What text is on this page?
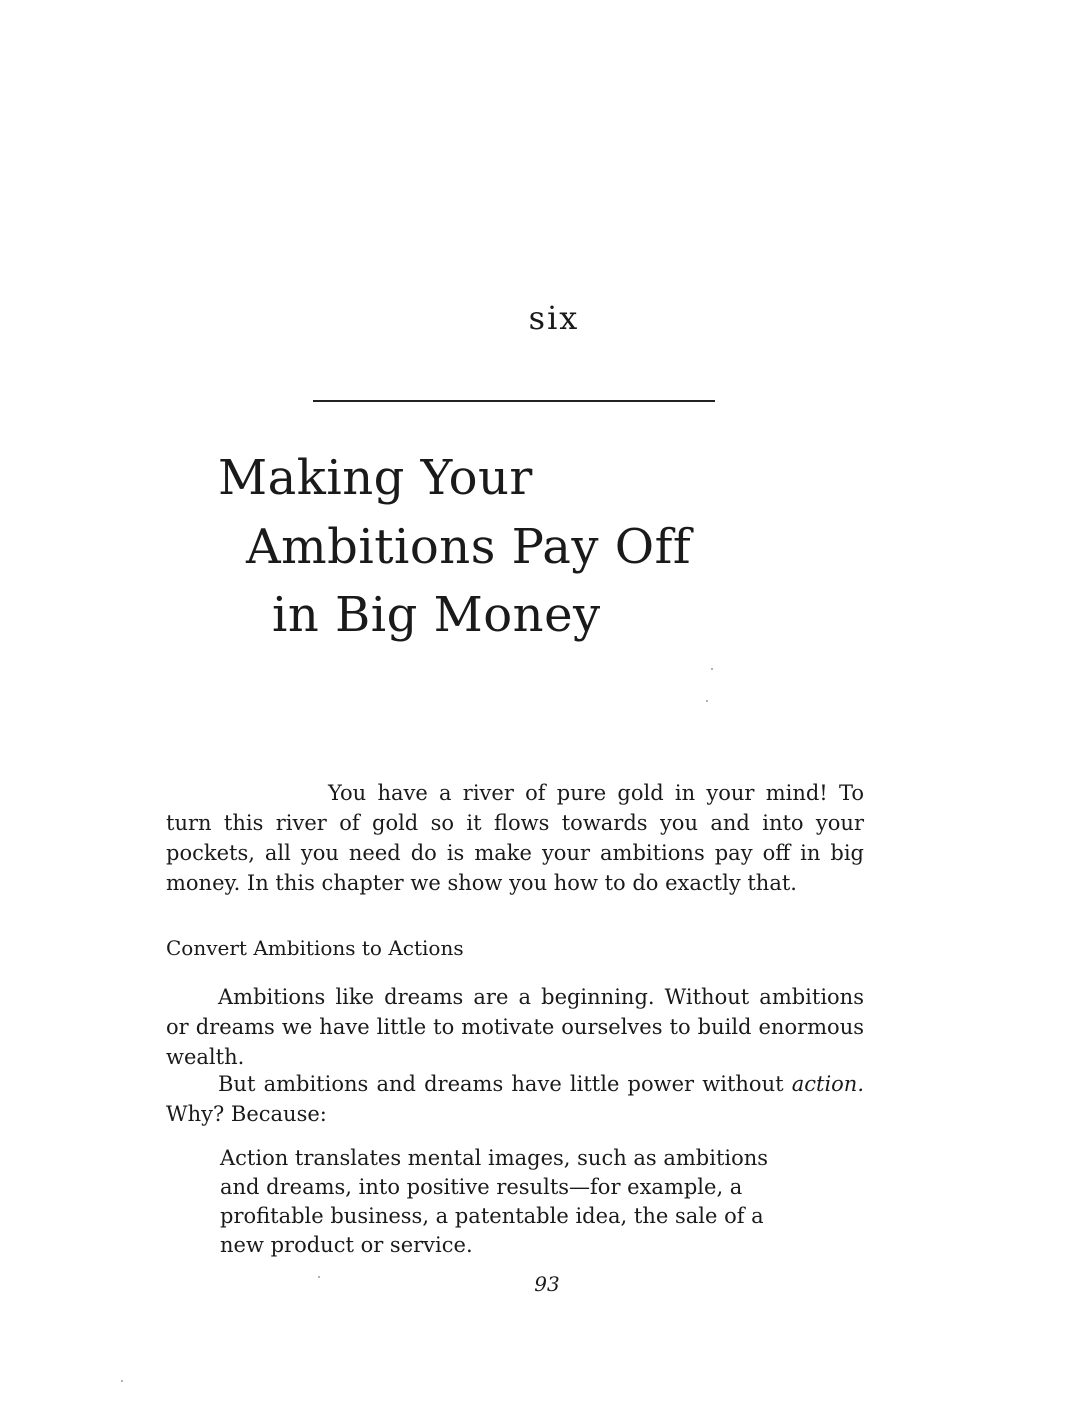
six
Making Your
Ambitions Pay Off
in Big Money

You have a river of pure gold in your mind! To turn this river of gold so it flows towards you and into your pockets, all you need do is make your ambitions pay off in big money. In this chapter we show you how to do exactly that.

Convert Ambitions to Actions

Ambitions like dreams are a beginning. Without ambitions or dreams we have little to motivate ourselves to build enormous wealth.

But ambitions and dreams have little power without action. Why? Because:

Action translates mental images, such as ambitions and dreams, into positive results—for example, a profitable business, a patentable idea, the sale of a new product or service.

93
